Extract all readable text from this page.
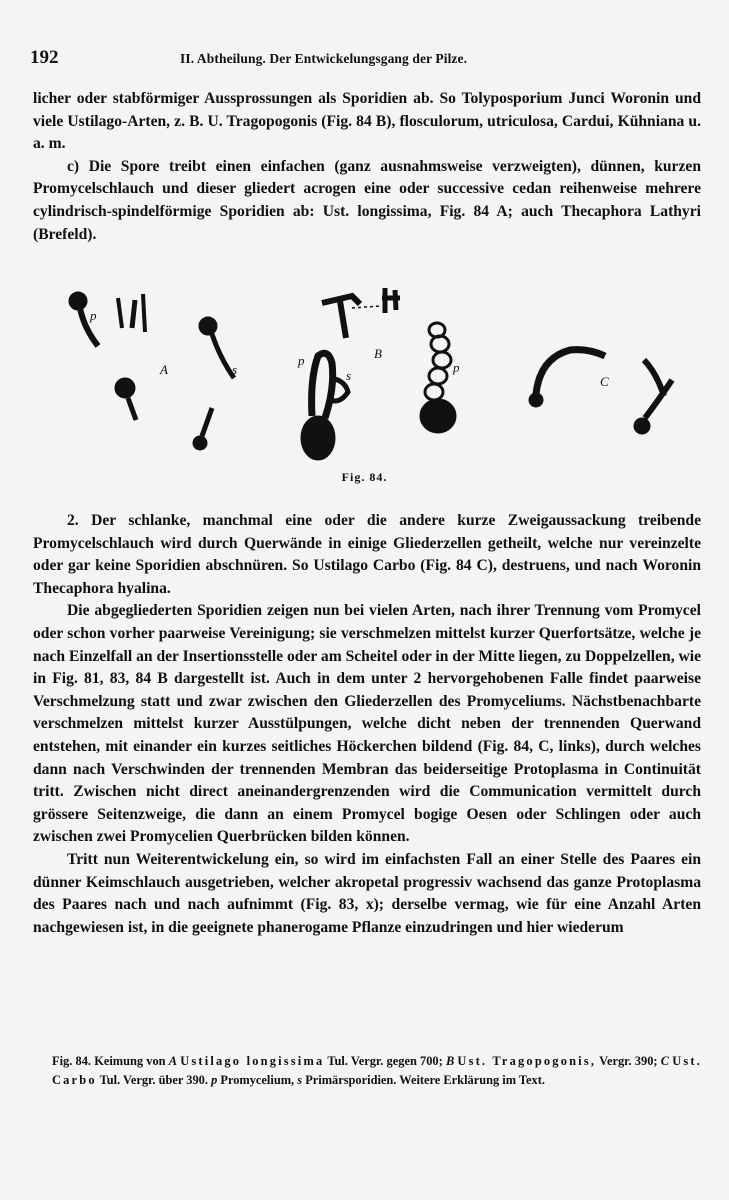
192	II. Abtheilung. Der Entwickelungsgang der Pilze.

licher oder stabförmiger Aussprossungen als Sporidien ab. So Tolyposporium Junci Woronin und viele Ustilago-Arten, z. B. U. Tragopogonis (Fig. 84 B), flosculorum, utriculosa, Cardui, Kühniana u. a. m.

c) Die Spore treibt einen einfachen (ganz ausnahmsweise verzweigten), dünnen, kurzen Promycelschlauch und dieser gliedert acrogen eine oder successive cedan reihenweise mehrere cylindrisch-spindelförmige Sporidien ab: Ust. longissima, Fig. 84 A; auch Thecaphora Lathyri (Brefeld).

p
A	s
B
p
s
p
C
Fig. 84.

2. Der schlanke, manchmal eine oder die andere kurze Zweigaussackung treibende Promycelschlauch wird durch Querwände in einige Gliederzellen getheilt, welche nur vereinzelte oder gar keine Sporidien abschnüren. So Ustilago Carbo (Fig. 84 C), destruens, und nach Woronin Thecaphora hyalina.

Die abgegliederten Sporidien zeigen nun bei vielen Arten, nach ihrer Trennung vom Promycel oder schon vorher paarweise Vereinigung; sie verschmelzen mittelst kurzer Querfortsätze, welche je nach Einzelfall an der Insertionsstelle oder am Scheitel oder in der Mitte liegen, zu Doppelzellen, wie in Fig. 81, 83, 84 B dargestellt ist. Auch in dem unter 2 hervorgehobenen Falle findet paarweise Verschmelzung statt und zwar zwischen den Gliederzellen des Promyceliums. Nächstbenachbarte verschmelzen mittelst kurzer Ausstülpungen, welche dicht neben der trennenden Querwand entstehen, mit einander ein kurzes seitliches Höckerchen bildend (Fig. 84, C, links), durch welches dann nach Verschwinden der trennenden Membran das beiderseitige Protoplasma in Continuität tritt. Zwischen nicht direct aneinandergrenzenden wird die Communication vermittelt durch grössere Seitenzweige, die dann an einem Promycel bogige Oesen oder Schlingen oder auch zwischen zwei Promycelien Querbrücken bilden können.

Tritt nun Weiterentwickelung ein, so wird im einfachsten Fall an einer Stelle des Paares ein dünner Keimschlauch ausgetrieben, welcher akropetal progressiv wachsend das ganze Protoplasma des Paares nach und nach aufnimmt (Fig. 83, x); derselbe vermag, wie für eine Anzahl Arten nachgewiesen ist, in die geeignete phanerogame Pflanze einzudringen und hier wiederum

Fig. 84. Keimung von A Ustilago longissima Tul. Vergr. gegen 700; B Ust. Tragopogonis, Vergr. 390; C Ust. Carbo Tul. Vergr. über 390. p Promycelium, s Primärsporidien. Weitere Erklärung im Text.
